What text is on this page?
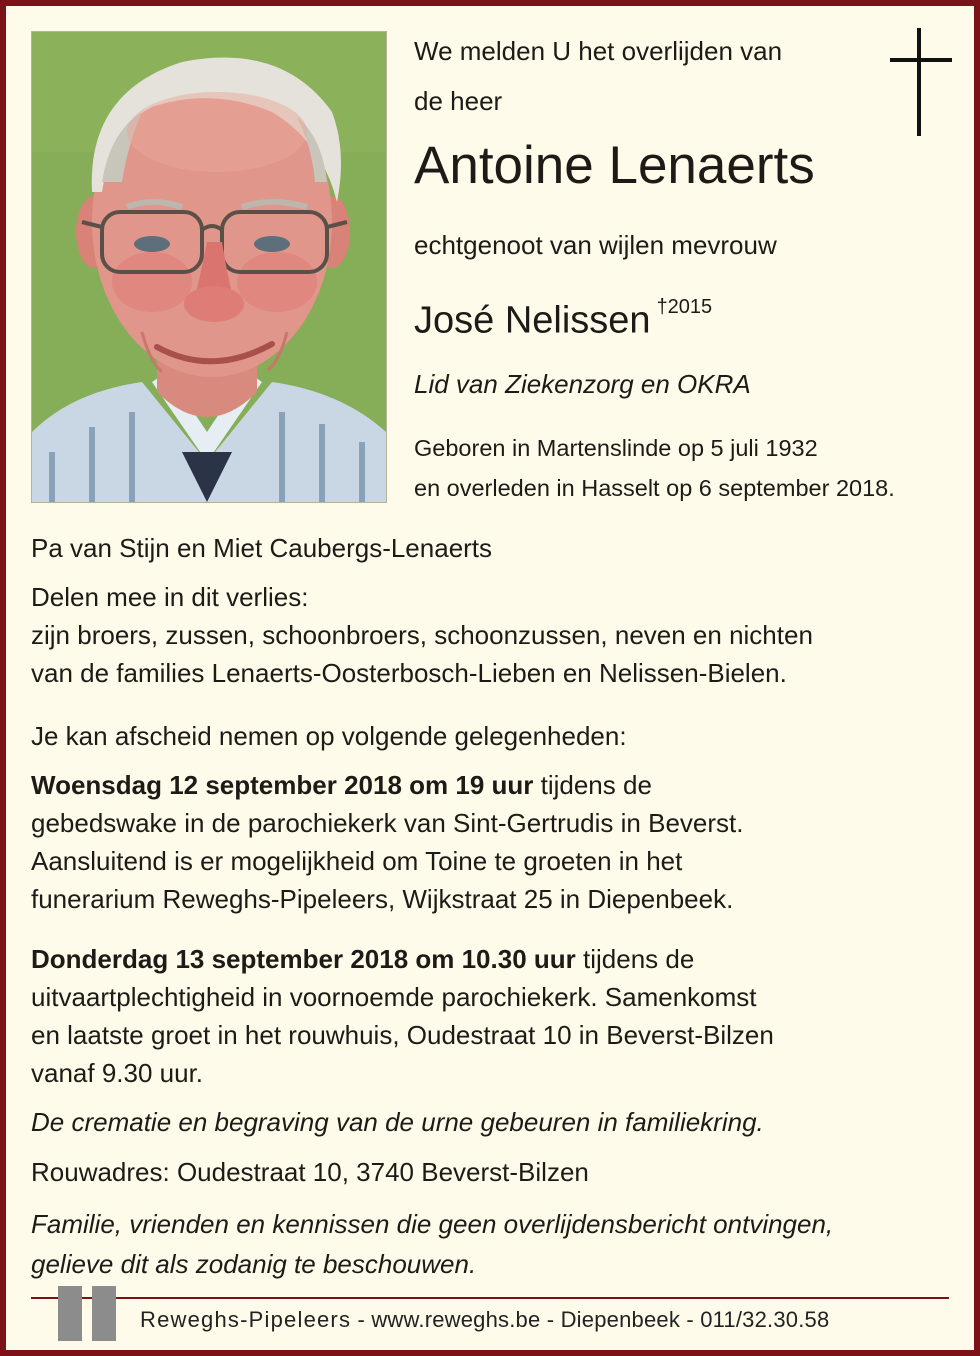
We melden U het overlijden van
de heer
Antoine Lenaerts
echtgenoot van wijlen mevrouw
José Nelissen $^{\dagger 2015}$
Lid van Ziekenzorg en OKRA
Geboren in Martenslinde op 5 juli 1932
en overleden in Hasselt op 6 september 2018.
Pa van Stijn en Miet Caubergs-Lenaerts
Delen mee in dit verlies:
zijn broers, zussen, schoonbroers, schoonzussen, neven en nichten
van de families Lenaerts-Oosterbosch-Lieben en Nelissen-Bielen.
Je kan afscheid nemen op volgende gelegenheden:
Woensdag 12 september 2018 om 19 uur tijdens de
gebedswake in de parochiekerk van Sint-Gertrudis in Beverst.
Aansluitend is er mogelijkheid om Toine te groeten in het
funerarium Reweghs-Pipeleers, Wijkstraat 25 in Diepenbeek.
Donderdag 13 september 2018 om 10.30 uur tijdens de
uitvaartplechtigheid in voornoemde parochiekerk. Samenkomst
en laatste groet in het rouwhuis, Oudestraat 10 in Beverst-Bilzen
vanaf 9.30 uur.
De crematie en begraving van de urne gebeuren in familiekring.
Rouwadres: Oudestraat 10, 3740 Beverst-Bilzen
Familie, vrienden en kennissen die geen overlijdensbericht ontvingen,
gelieve dit als zodanig te beschouwen.
Reweghs-Pipeleers - www.reweghs.be - Diepenbeek - 011/32.30.58
